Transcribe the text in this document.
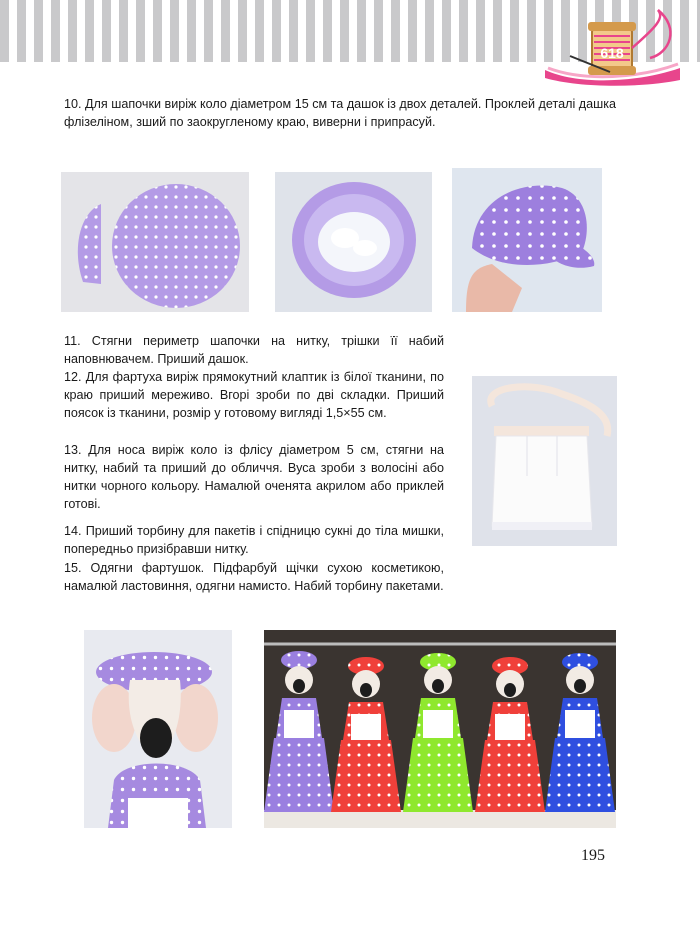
618

10. Для шапочки виріж коло діаметром 15 см та дашок із двох деталей. Проклей деталі дашка флізеліном, зший по заокругленому краю, виверни і припрасуй.

11. Стягни периметр шапочки на нитку, трішки її набий наповнювачем. Приший дашок.

12. Для фартуха виріж прямокутний клаптик із білої тканини, по краю приший мереживо. Вгорі зроби по дві складки. Приший поясок із тканини, розмір у готовому вигляді 1,5×55 см.

13. Для носа виріж коло із флісу діаметром 5 см, стягни на нитку, набий та приший до обличчя. Вуса зроби з волосіні або нитки чорного кольору. Намалюй оченята акрилом або приклей готові.

14. Приший торбину для пакетів і спідницю сукні до тіла мишки, попередньо призібравши нитку.

15. Одягни фартушок. Підфарбуй щічки сухою косметикою, намалюй ластовиння, одягни намисто. Набий торбину пакетами.

195
